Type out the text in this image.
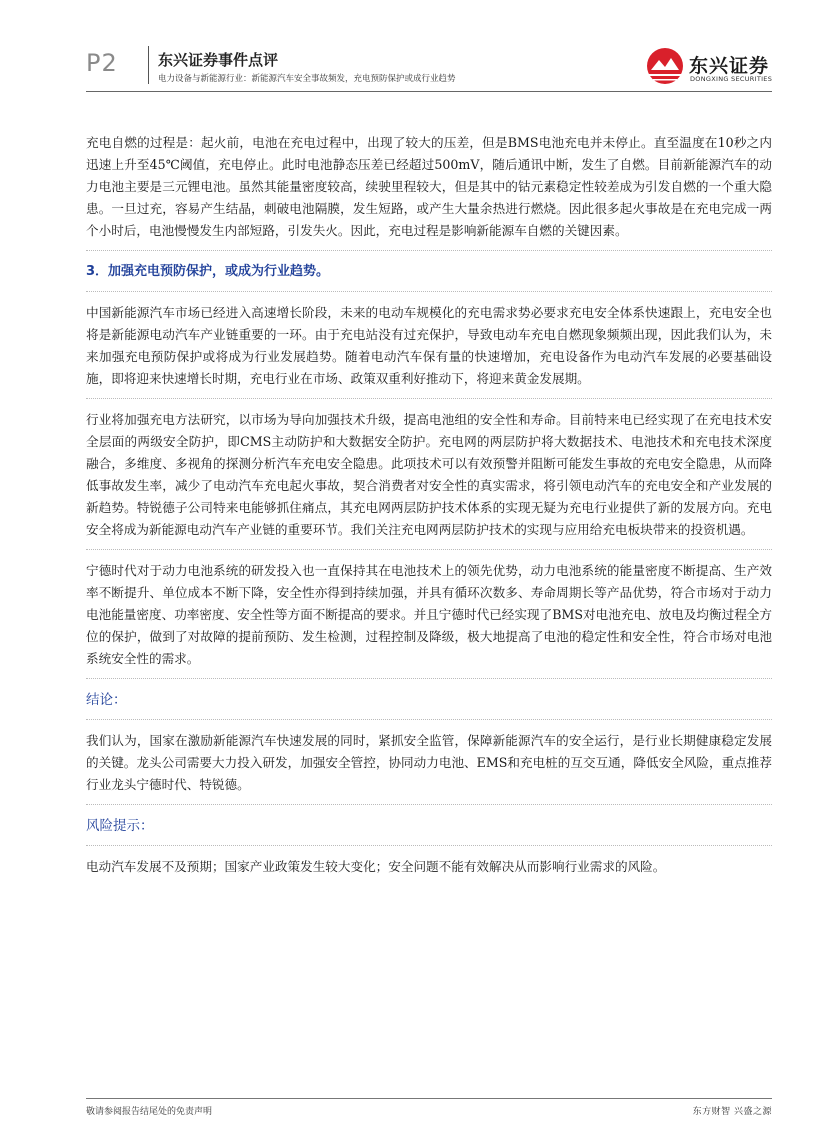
P2	东兴证券事件点评
电力设备与新能源行业：新能源汽车安全事故频发，充电预防保护或成行业趋势
东兴证券
DONGXING SECURITIES

充电自燃的过程是：起火前，电池在充电过程中，出现了较大的压差，但是BMS电池充电并未停止。直至温度在10秒之内迅速上升至45℃阈值，充电停止。此时电池静态压差已经超过500mV，随后通讯中断，发生了自燃。目前新能源汽车的动力电池主要是三元锂电池。虽然其能量密度较高，续驶里程较大，但是其中的钴元素稳定性较差成为引发自燃的一个重大隐患。一旦过充，容易产生结晶，刺破电池隔膜，发生短路，或产生大量余热进行燃烧。因此很多起火事故是在充电完成一两个小时后，电池慢慢发生内部短路，引发失火。因此，充电过程是影响新能源车自燃的关键因素。

3．加强充电预防保护，或成为行业趋势。

中国新能源汽车市场已经进入高速增长阶段，未来的电动车规模化的充电需求势必要求充电安全体系快速跟上，充电安全也将是新能源电动汽车产业链重要的一环。由于充电站没有过充保护，导致电动车充电自燃现象频频出现，因此我们认为，未来加强充电预防保护或将成为行业发展趋势。随着电动汽车保有量的快速增加，充电设备作为电动汽车发展的必要基础设施，即将迎来快速增长时期，充电行业在市场、政策双重利好推动下，将迎来黄金发展期。

行业将加强充电方法研究，以市场为导向加强技术升级，提高电池组的安全性和寿命。目前特来电已经实现了在充电技术安全层面的两级安全防护，即CMS主动防护和大数据安全防护。充电网的两层防护将大数据技术、电池技术和充电技术深度融合，多维度、多视角的探测分析汽车充电安全隐患。此项技术可以有效预警并阻断可能发生事故的充电安全隐患，从而降低事故发生率，减少了电动汽车充电起火事故，契合消费者对安全性的真实需求，将引领电动汽车的充电安全和产业发展的新趋势。特锐德子公司特来电能够抓住痛点，其充电网两层防护技术体系的实现无疑为充电行业提供了新的发展方向。充电安全将成为新能源电动汽车产业链的重要环节。我们关注充电网两层防护技术的实现与应用给充电板块带来的投资机遇。

宁德时代对于动力电池系统的研发投入也一直保持其在电池技术上的领先优势，动力电池系统的能量密度不断提高、生产效率不断提升、单位成本不断下降，安全性亦得到持续加强，并具有循环次数多、寿命周期长等产品优势，符合市场对于动力电池能量密度、功率密度、安全性等方面不断提高的要求。并且宁德时代已经实现了BMS对电池充电、放电及均衡过程全方位的保护，做到了对故障的提前预防、发生检测，过程控制及降级，极大地提高了电池的稳定性和安全性，符合市场对电池系统安全性的需求。

结论：

我们认为，国家在激励新能源汽车快速发展的同时，紧抓安全监管，保障新能源汽车的安全运行，是行业长期健康稳定发展的关键。龙头公司需要大力投入研发，加强安全管控，协同动力电池、EMS和充电桩的互交互通，降低安全风险，重点推荐行业龙头宁德时代、特锐德。

风险提示：

电动汽车发展不及预期；国家产业政策发生较大变化；安全问题不能有效解决从而影响行业需求的风险。

敬请参阅报告结尾处的免责声明	东方财智 兴盛之源
